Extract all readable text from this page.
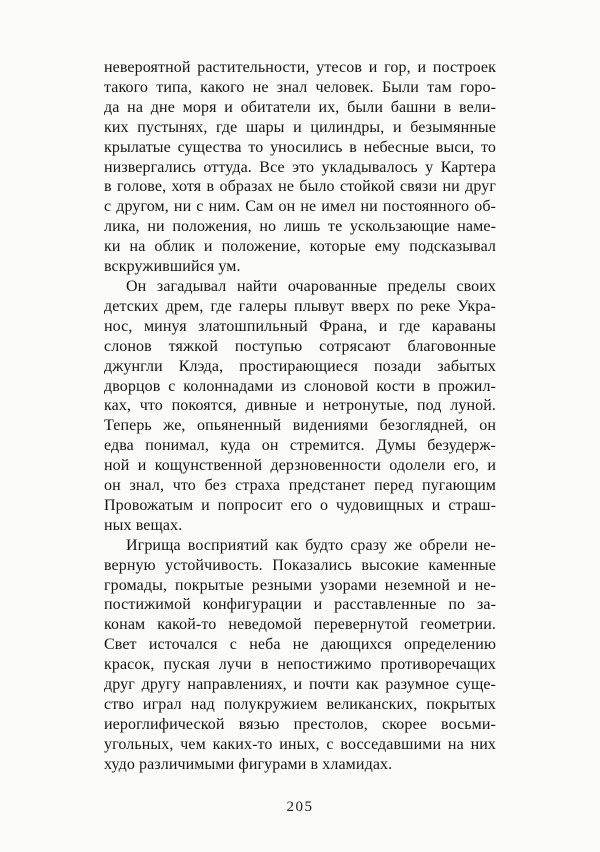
невероятной растительности, утесов и гор, и построек
такого типа, какого не знал человек. Были там горо-
да на дне моря и обитатели их, были башни в вели-
ких пустынях, где шары и цилиндры, и безымянные
крылатые существа то уносились в небесные выси, то
низвергались оттуда. Все это укладывалось у Картера
в голове, хотя в образах не было стойкой связи ни друг
с другом, ни с ним. Сам он не имел ни постоянного об-
лика, ни положения, но лишь те ускользающие наме-
ки на облик и положение, которые ему подсказывал
вскружившийся ум.
Он загадывал найти очарованные пределы своих
детских дрем, где галеры плывут вверх по реке Укра-
нос, минуя златошпильный Франа, и где караваны
слонов тяжкой поступью сотрясают благовонные
джунгли Клэда, простирающиеся позади забытых
дворцов с колоннадами из слоновой кости в прожил-
ках, что покоятся, дивные и нетронутые, под луной.
Теперь же, опьяненный видениями безоглядней, он
едва понимал, куда он стремится. Думы безудерж-
ной и кощунственной дерзновенности одолели его, и
он знал, что без страха предстанет перед пугающим
Провожатым и попросит его о чудовищных и страш-
ных вещах.
Игрища восприятий как будто сразу же обрели не-
верную устойчивость. Показались высокие каменные
громады, покрытые резными узорами неземной и не-
постижимой конфигурации и расставленные по за-
конам какой-то неведомой перевернутой геометрии.
Свет источался с неба не дающихся определению
красок, пуская лучи в непостижимо противоречащих
друг другу направлениях, и почти как разумное суще-
ство играл над полукружием великанских, покрытых
иероглифической вязью престолов, скорее восьми-
угольных, чем каких-то иных, с восседавшими на них
худо различимыми фигурами в хламидах.
205
